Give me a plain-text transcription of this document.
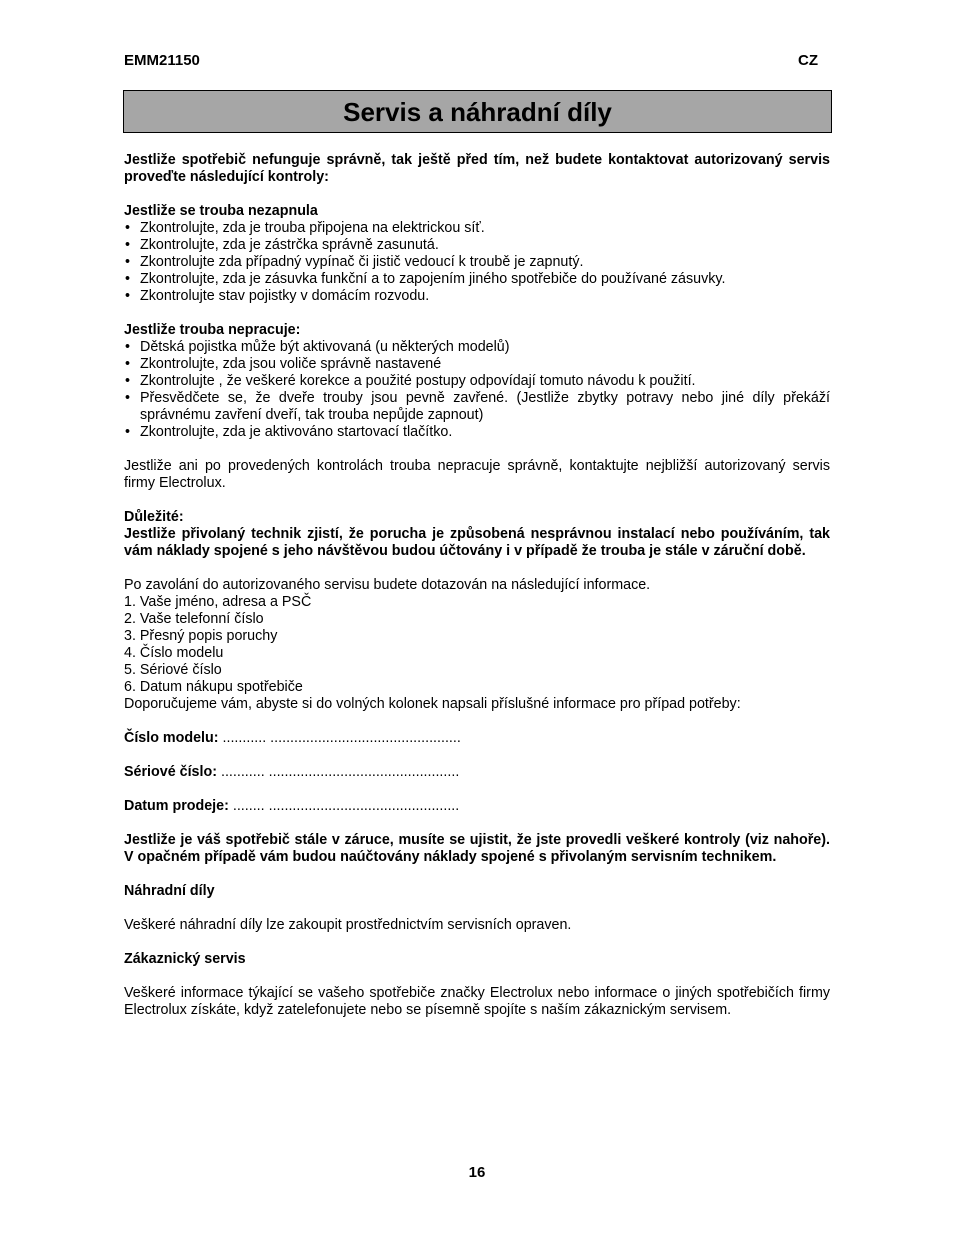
EMM21150	CZ
Servis a náhradní díly

Jestliže spotřebič nefunguje správně, tak ještě před tím, než budete kontaktovat autorizovaný servis proveďte následující kontroly:

Jestliže se trouba nezapnula

• Zkontrolujte, zda je trouba připojena na elektrickou síť.
• Zkontrolujte, zda je zástrčka správně zasunutá.
• Zkontrolujte zda případný vypínač či jistič vedoucí k troubě je zapnutý.
• Zkontrolujte, zda je zásuvka funkční a to zapojením jiného spotřebiče do používané zásuvky.
• Zkontrolujte stav pojistky v domácím rozvodu.

Jestliže trouba nepracuje:

• Dětská pojistka může být aktivovaná (u některých modelů)
• Zkontrolujte, zda jsou voliče správně nastavené
• Zkontrolujte , že veškeré korekce a použité postupy odpovídají tomuto návodu k použití.
• Přesvědčete se, že dveře trouby jsou pevně zavřené. (Jestliže zbytky potravy nebo jiné díly překáží správnému zavření dveří, tak trouba nepůjde zapnout)
• Zkontrolujte, zda je aktivováno startovací tlačítko.

Jestliže ani po provedených kontrolách trouba nepracuje správně, kontaktujte nejbližší autorizovaný servis firmy Electrolux.

Důležité:

Jestliže přivolaný technik zjistí, že porucha je způsobená nesprávnou instalací nebo používáním, tak vám náklady spojené s jeho návštěvou budou účtovány i v případě že trouba je stále v záruční době.

Po zavolání do autorizovaného servisu budete dotazován na následující informace.

1. Vaše jméno, adresa a PSČ

2. Vaše telefonní číslo

3. Přesný popis poruchy

4. Číslo modelu

5. Sériové číslo

6. Datum nákupu spotřebiče

Doporučujeme vám, abyste si do volných kolonek napsali příslušné informace pro případ potřeby:

Číslo modelu: ........... ................................................

Sériové číslo: ........... ................................................

Datum prodeje: ........ ................................................

Jestliže je váš spotřebič stále v záruce, musíte se ujistit, že jste provedli veškeré kontroly (viz nahoře). V opačném případě vám budou naúčtovány náklady spojené s přivolaným servisním technikem.

Náhradní díly

Veškeré náhradní díly lze zakoupit prostřednictvím servisních opraven.

Zákaznický servis

Veškeré informace týkající se vašeho spotřebiče značky Electrolux nebo informace o jiných spotřebičích firmy Electrolux získáte, když zatelefonujete nebo se písemně spojíte s naším zákaznickým servisem.

16
